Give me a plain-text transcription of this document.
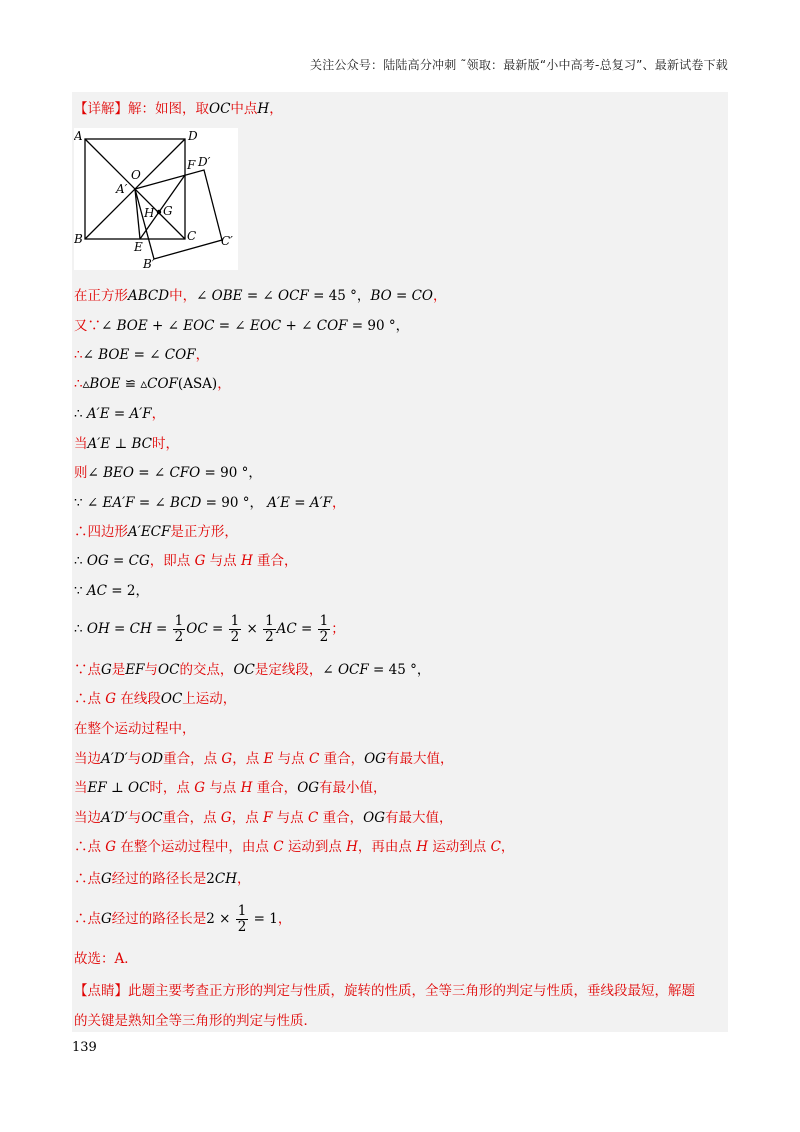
关注公众号：陆陆高分冲刺 ˜领取：最新版“小中高考-总复习”、最新试卷下载
【详解】解：如图，取OC中点H，
A	D
B	C
O
A′
F D′
H G
E	C′
B′
在正方形ABCD中，∠ OBE = ∠ OCF = 45 °，BO = CO，
又∵∠ BOE + ∠ EOC = ∠ EOC + ∠ COF = 90 °，
∴∠ BOE = ∠ COF，
∴▵BOE ≌ ▵COF(ASA)，
∴ A′E = A′F，
当A′E ⊥ BC时，
则∠ BEO = ∠ CFO = 90 °，
∵ ∠ EA′F = ∠ BCD = 90 °， A′E = A′F，
∴四边形A′ECF是正方形，
∴ OG = CG，即点 G 与点 H 重合，
∵ AC = 2，
∴ OH = CH = $\frac{1}{2}$ OC = $\frac{1}{2} \times \frac{1}{2}$ AC = $\frac{1}{2}$ ；
∵点G是EF与OC的交点，OC是定线段，∠ OCF = 45 °，
∴点 G 在线段OC上运动，
在整个运动过程中，
当边A′D′与OD重合，点 G，点 E 与点 C 重合，OG有最大值，
当EF ⊥ OC时，点 G 与点 H 重合，OG有最小值，
当边A′D′与OC重合，点 G，点 F 与点 C 重合，OG有最大值，
∴点 G 在整个运动过程中，由点 C 运动到点 H，再由点 H 运动到点 C，
∴点G经过的路径长是2CH，
∴点G经过的路径长是$2 \times \frac{1}{2} = 1$，
故选：A．
【点睛】此题主要考查正方形的判定与性质，旋转的性质，全等三角形的判定与性质，垂线段最短，解题
的关键是熟知全等三角形的判定与性质．
139
